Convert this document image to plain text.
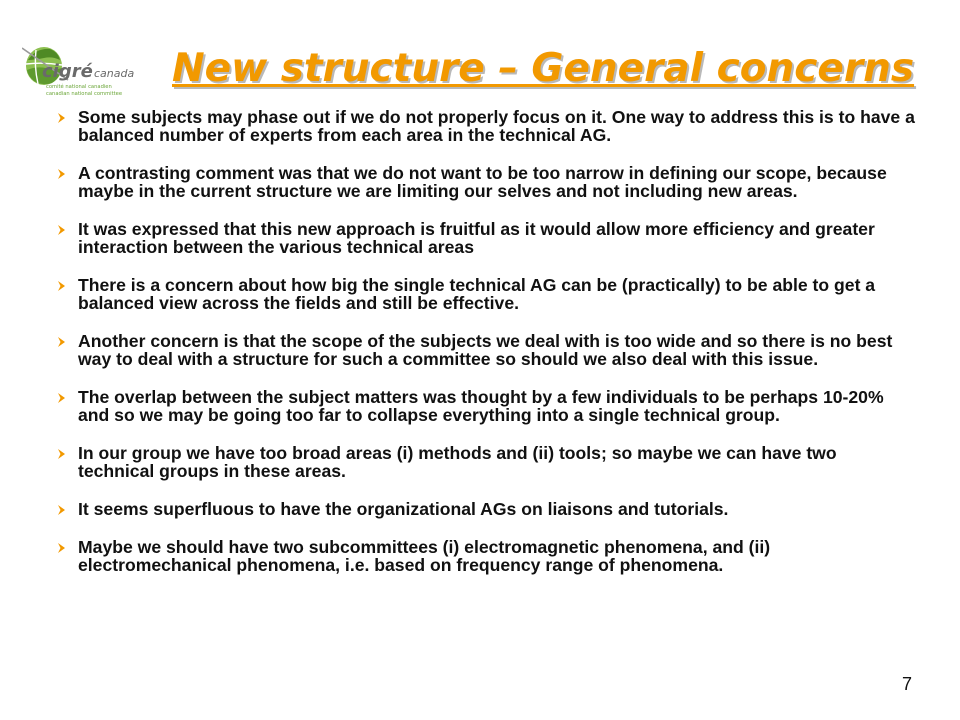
cigré canada
comité national canadien
canadian national committee
New structure – General concerns
Some subjects may phase out if we do not properly focus on it. One way to address this is to have a balanced number of experts from each area in the technical AG.
A contrasting comment was that we do not want to be too narrow in defining our scope, because maybe in the current structure we are limiting our selves and not including new areas.
It was expressed that this new approach is fruitful as it would allow more efficiency and greater interaction between the various technical areas
There is a concern about how big the single technical AG can be (practically) to be able to get a balanced view across the fields and still be effective.
Another concern is that the scope of the subjects we deal with is too wide and so there is no best way to deal with a structure for such a committee so should we also deal with this issue.
The overlap between the subject matters was thought by a few individuals to be perhaps 10-20% and so we may be going too far to collapse everything into a single technical group.
In our group we have too broad areas (i) methods and (ii) tools; so maybe we can have two technical groups in these areas.
It seems superfluous to have the organizational AGs on liaisons and tutorials.
Maybe we should have two subcommittees (i) electromagnetic phenomena, and (ii) electromechanical phenomena, i.e. based on frequency range of phenomena.
7
